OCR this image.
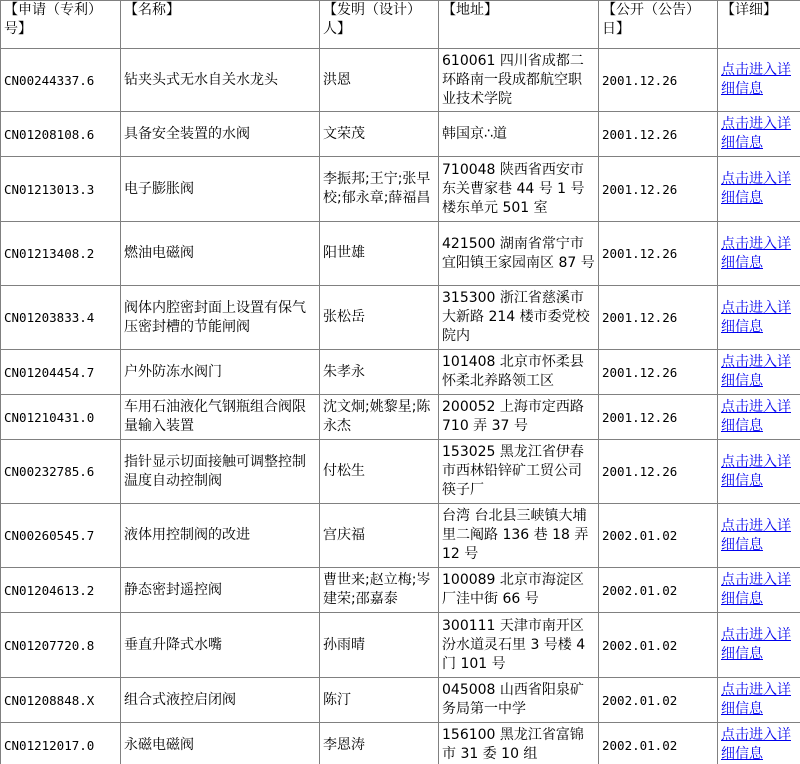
【申请（专利）号】	【名称】	【发明（设计）人】	【地址】	【公开（公告）日】	【详细】
CN00244337.6	钻夹头式无水自关水龙头	洪恩	610061 四川省成都二环路南一段成都航空职业技术学院	2001.12.26	点击进入详细信息
CN01208108.6	具备安全装置的水阀	文荣茂	韩国京∴道	2001.12.26	点击进入详细信息
CN01213013.3	电子膨胀阀	李振邦;王宁;张早校;郁永章;薛福昌	710048 陕西省西安市东关曹家巷 44 号 1 号楼东单元 501 室	2001.12.26	点击进入详细信息
CN01213408.2	燃油电磁阀	阳世雄	421500 湖南省常宁市宜阳镇王家园南区 87 号	2001.12.26	点击进入详细信息
CN01203833.4	阀体内腔密封面上设置有保气压密封槽的节能闸阀	张松岳	315300 浙江省慈溪市大新路 214 楼市委党校院内	2001.12.26	点击进入详细信息
CN01204454.7	户外防冻水阀门	朱孝永	101408 北京市怀柔县怀柔北养路领工区	2001.12.26	点击进入详细信息
CN01210431.0	车用石油液化气钢瓶组合阀限量输入装置	沈文炯;姚黎星;陈永杰	200052 上海市定西路 710 弄 37 号	2001.12.26	点击进入详细信息
CN00232785.6	指针显示切面接触可调整控制温度自动控制阀	付松生	153025 黑龙江省伊春市西林铅锌矿工贸公司筷子厂	2001.12.26	点击进入详细信息
CN00260545.7	液体用控制阀的改进	宫庆福	台湾 台北县三峡镇大埔里二阄路 136 巷 18 弄 12 号	2002.01.02	点击进入详细信息
CN01204613.2	静态密封遥控阀	曹世来;赵立梅;岑建荣;邵嘉泰	100089 北京市海淀区厂洼中街 66 号	2002.01.02	点击进入详细信息
CN01207720.8	垂直升降式水嘴	孙雨晴	300111 天津市南开区汾水道灵石里 3 号楼 4 门 101 号	2002.01.02	点击进入详细信息
CN01208848.X	组合式液控启闭阀	陈汀	045008 山西省阳泉矿务局第一中学	2002.01.02	点击进入详细信息
CN01212017.0	永磁电磁阀	李恩涛	156100 黑龙江省富锦市 31 委 10 组	2002.01.02	点击进入详细信息
